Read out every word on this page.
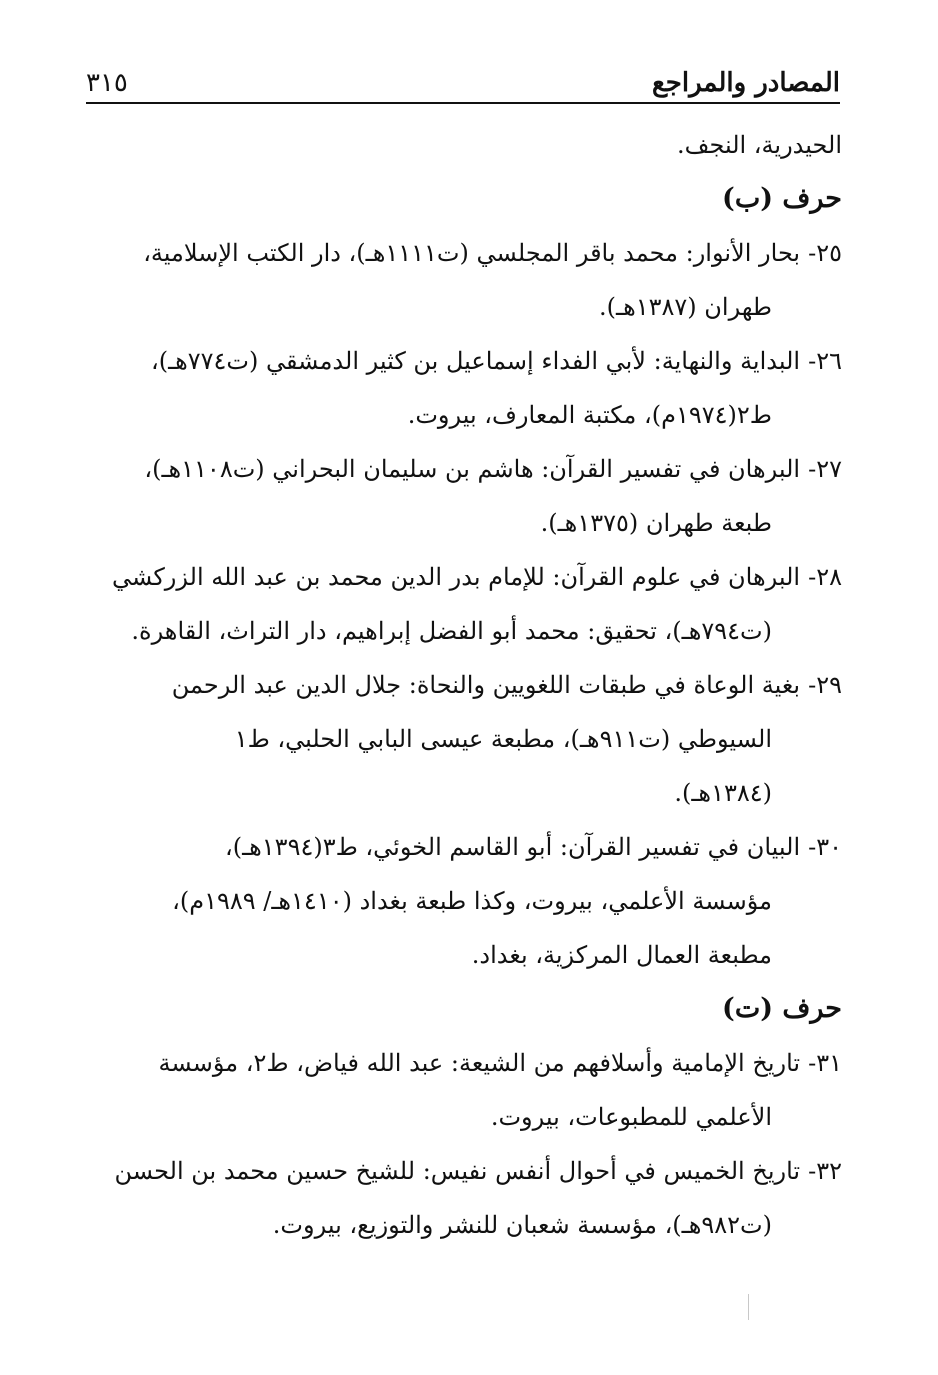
المصادر والمراجع
٣١٥
الحيدرية، النجف.
حرف (ب)
٢٥-بحار الأنوار: محمد باقر المجلسي (ت١١١١هـ)، دار الكتب الإسلامية،
طهران (١٣٨٧هـ).
٢٦-البداية والنهاية: لأبي الفداء إسماعيل بن كثير الدمشقي (ت٧٧٤هـ)،
ط٢(١٩٧٤م)، مكتبة المعارف، بيروت.
٢٧-البرهان في تفسير القرآن: هاشم بن سليمان البحراني (ت١١٠٨هـ)،
طبعة طهران (١٣٧٥هـ).
٢٨-البرهان في علوم القرآن: للإمام بدر الدين محمد بن عبد الله الزركشي
(ت٧٩٤هـ)، تحقيق: محمد أبو الفضل إبراهيم، دار التراث، القاهرة.
٢٩-بغية الوعاة في طبقات اللغويين والنحاة: جلال الدين عبد الرحمن
السيوطي (ت٩١١هـ)، مطبعة عيسى البابي الحلبي، ط١
(١٣٨٤هـ).
٣٠-البيان في تفسير القرآن: أبو القاسم الخوئي، ط٣(١٣٩٤هـ)،
مؤسسة الأعلمي، بيروت، وكذا طبعة بغداد (١٤١٠هـ/ ١٩٨٩م)،
مطبعة العمال المركزية، بغداد.
حرف (ت)
٣١-تاريخ الإمامية وأسلافهم من الشيعة: عبد الله فياض، ط٢، مؤسسة
الأعلمي للمطبوعات، بيروت.
٣٢-تاريخ الخميس في أحوال أنفس نفيس: للشيخ حسين محمد بن الحسن
(ت٩٨٢هـ)، مؤسسة شعبان للنشر والتوزيع، بيروت.
